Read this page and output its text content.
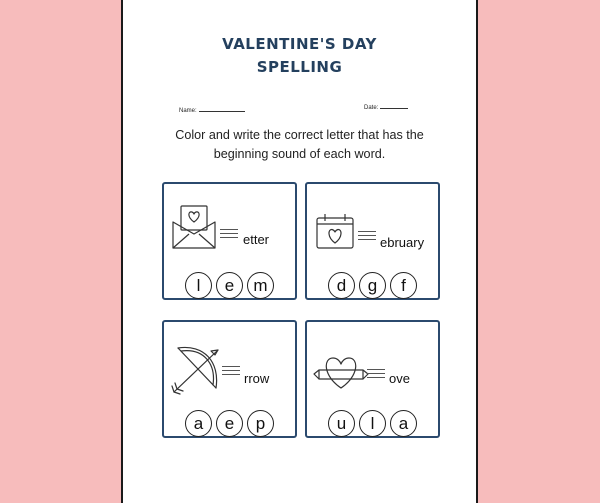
VALENTINE'S DAY
SPELLING
Name:	Date:
Color and write the correct letter that has the
beginning sound of each word.
etter
l	e	m
ebruary
d	g	f
rrow
a	e	p
ove
u	l	a
